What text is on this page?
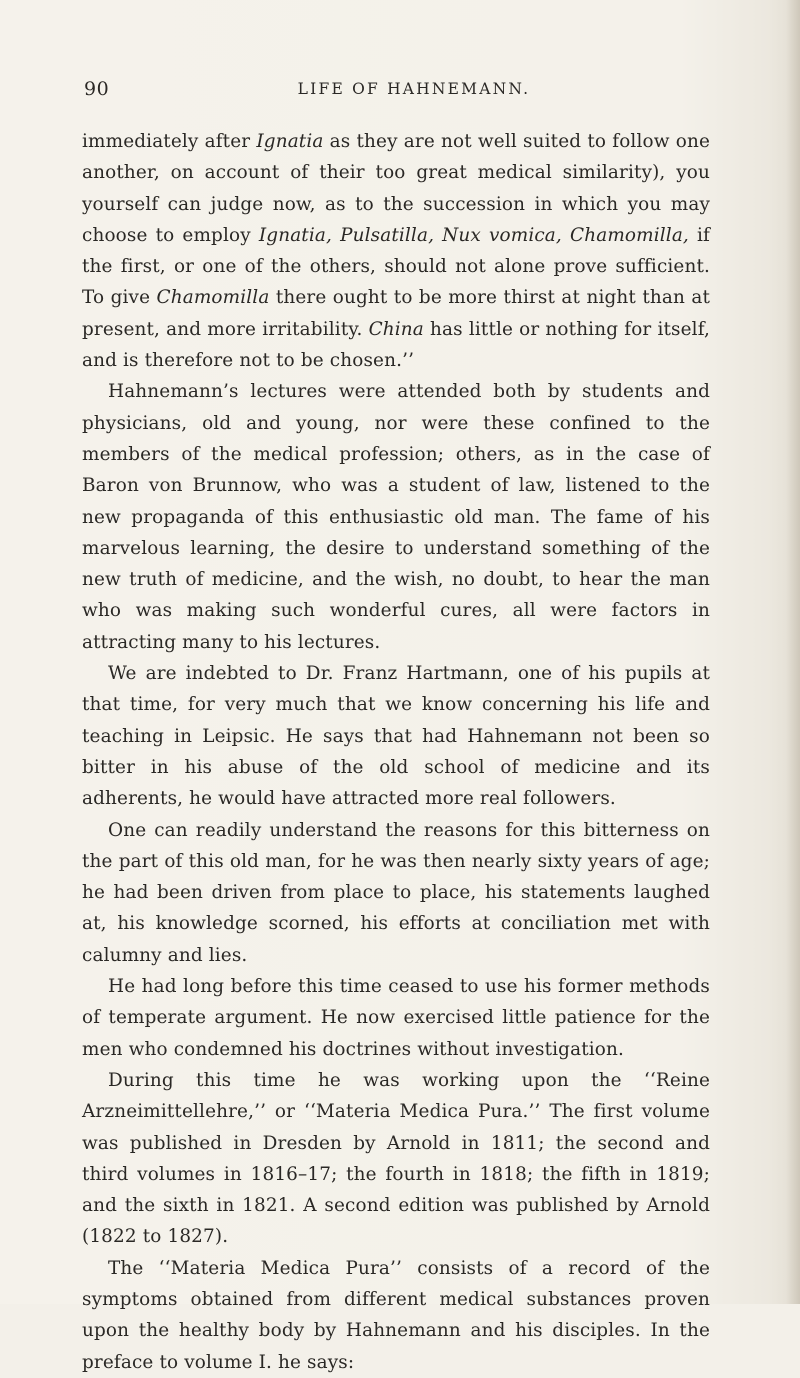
90	LIFE OF HAHNEMANN.

immediately after Ignatia as they are not well suited to follow one another, on account of their too great medical similarity), you yourself can judge now, as to the succession in which you may choose to employ Ignatia, Pulsatilla, Nux vomica, Chamomilla, if the first, or one of the others, should not alone prove sufficient. To give Chamomilla there ought to be more thirst at night than at present, and more irritability. China has little or nothing for itself, and is therefore not to be chosen.’’

Hahnemann’s lectures were attended both by students and physicians, old and young, nor were these confined to the members of the medical profession; others, as in the case of Baron von Brunnow, who was a student of law, listened to the new propaganda of this enthusiastic old man. The fame of his marvelous learning, the desire to understand something of the new truth of medicine, and the wish, no doubt, to hear the man who was making such wonderful cures, all were factors in attracting many to his lectures.

We are indebted to Dr. Franz Hartmann, one of his pupils at that time, for very much that we know concerning his life and teaching in Leipsic. He says that had Hahnemann not been so bitter in his abuse of the old school of medicine and its adherents, he would have attracted more real followers.

One can readily understand the reasons for this bitterness on the part of this old man, for he was then nearly sixty years of age; he had been driven from place to place, his statements laughed at, his knowledge scorned, his efforts at conciliation met with calumny and lies.

He had long before this time ceased to use his former methods of temperate argument. He now exercised little patience for the men who condemned his doctrines without investigation.

During this time he was working upon the ‘‘Reine Arzneimittellehre,’’ or ‘‘Materia Medica Pura.’’ The first volume was published in Dresden by Arnold in 1811; the second and third volumes in 1816–17; the fourth in 1818; the fifth in 1819; and the sixth in 1821. A second edition was published by Arnold (1822 to 1827).

The ‘‘Materia Medica Pura’’ consists of a record of the symptoms obtained from different medical substances proven upon the healthy body by Hahnemann and his disciples. In the preface to volume I. he says:
